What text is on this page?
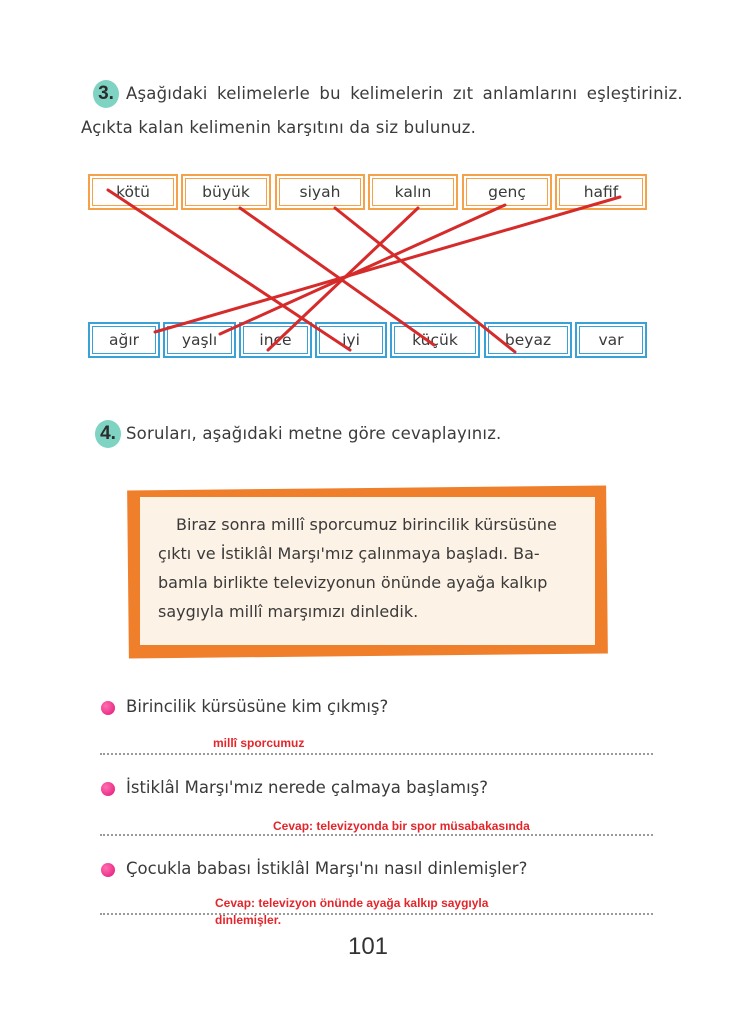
3. Aşağıdaki kelimelerle bu kelimelerin zıt anlamlarını eşleştiriniz.
Açıkta kalan kelimenin karşıtını da siz bulunuz.
kötü	büyük	siyah	kalın	genç	hafif
ağır	yaşlı	ince	iyi	küçük	beyaz	var
4. Soruları, aşağıdaki metne göre cevaplayınız.
Biraz sonra millî sporcumuz birincilik kürsüsüne
çıktı ve İstiklâl Marşı'mız çalınmaya başladı. Ba-
bamla birlikte televizyonun önünde ayağa kalkıp
saygıyla millî marşımızı dinledik.
Birincilik kürsüsüne kim çıkmış?
millî sporcumuz
İstiklâl Marşı'mız nerede çalmaya başlamış?
Cevap: televizyonda bir spor müsabakasında
Çocukla babası İstiklâl Marşı'nı nasıl dinlemişler?
Cevap: televizyon önünde ayağa kalkıp saygıyla
dinlemişler.
101
